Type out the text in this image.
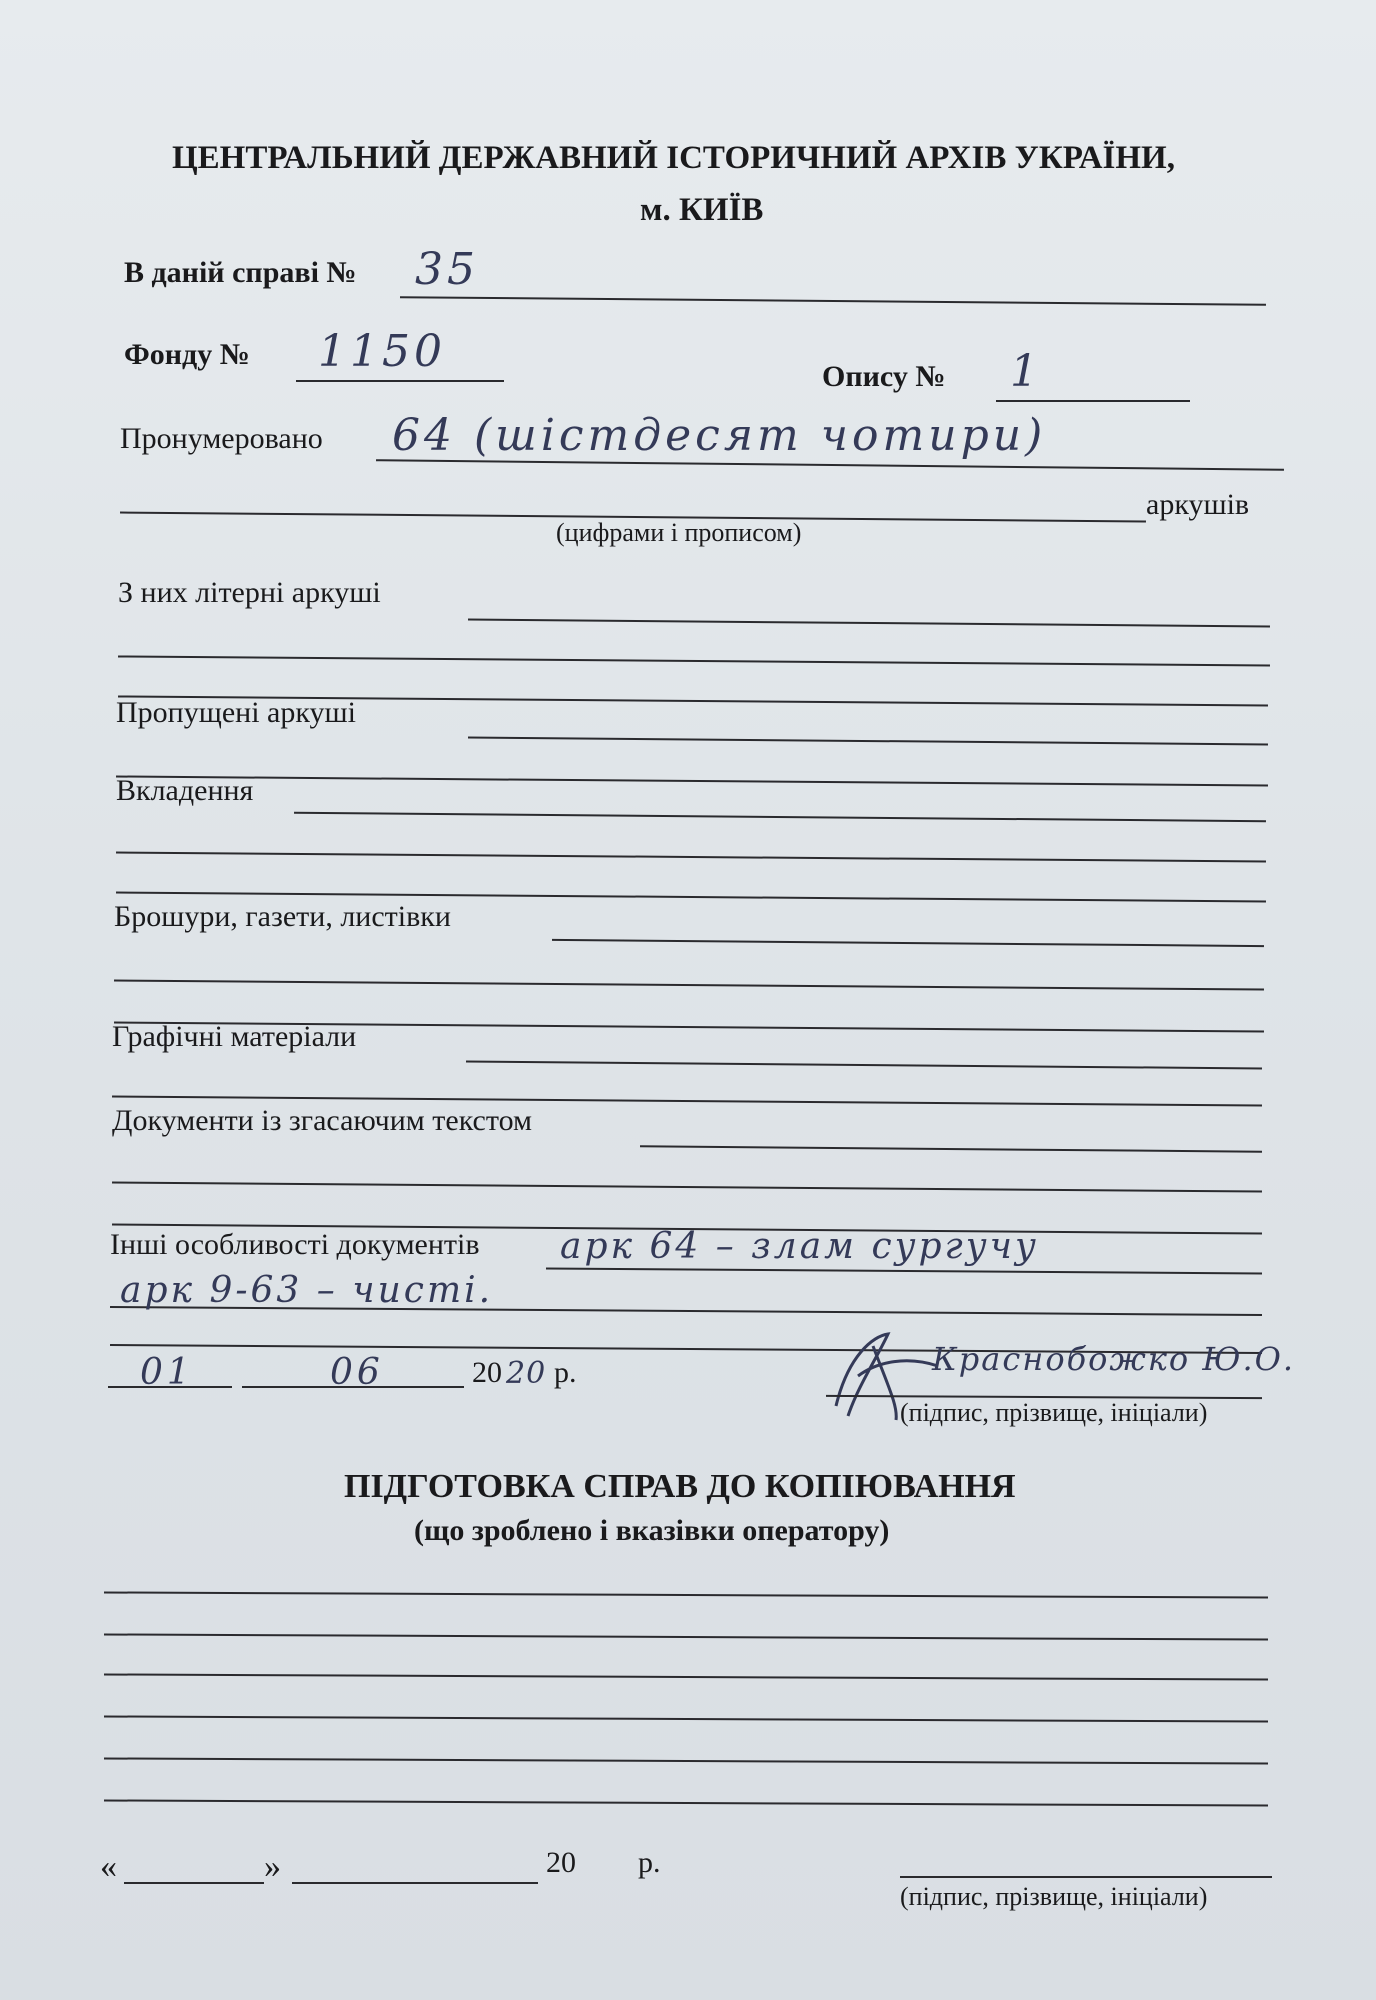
ЦЕНТРАЛЬНИЙ ДЕРЖАВНИЙ ІСТОРИЧНИЙ АРХІВ УКРАЇНИ,
м. КИЇВ
В даній справі № 35
Фонду № 1150	Опису № 1
Пронумеровано 64 (шістдесят чотири)
аркушів
(цифрами і прописом)
З них літерні аркуші
Пропущені аркуші
Вкладення
Брошури, газети, листівки
Графічні матеріали
Документи із згасаючим текстом
Інші особливості документів арк 64 – злам сургучу
арк 9-63 – чисті.
01	06	20 20 р.	Краснобожко Ю.О.
(підпис, прізвище, ініціали)
ПІДГОТОВКА СПРАВ ДО КОПІЮВАННЯ
(що зроблено і вказівки оператору)
«	»	20 р.
(підпис, прізвище, ініціали)
